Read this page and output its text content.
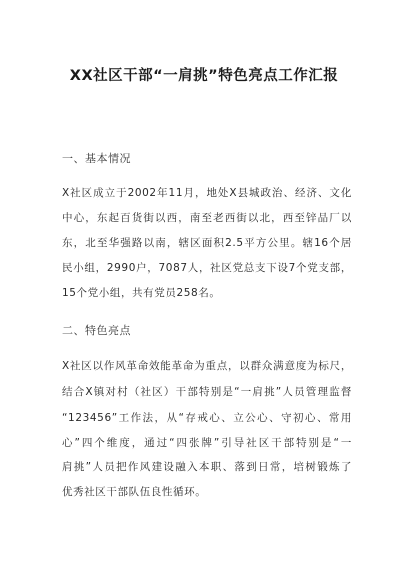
XX社区干部“一肩挑”特色亮点工作汇报
一、基本情况
X社区成立于2002年11月，地处X县城政治、经济、文化
中心，东起百货街以西，南至老西街以北，西至锌品厂以
东，北至华强路以南，辖区面积2.5平方公里。辖16个居
民小组，2990户，7087人，社区党总支下设7个党支部，
15个党小组，共有党员258名。
二、特色亮点
X社区以作风革命效能革命为重点，以群众满意度为标尺，
结合X镇对村（社区）干部特别是“一肩挑”人员管理监督
“123456”工作法，从“存戒心、立公心、守初心、常用
心”四个维度，通过“四张牌”引导社区干部特别是“一
肩挑”人员把作风建设融入本职、落到日常，培树锻炼了
优秀社区干部队伍良性循环。
